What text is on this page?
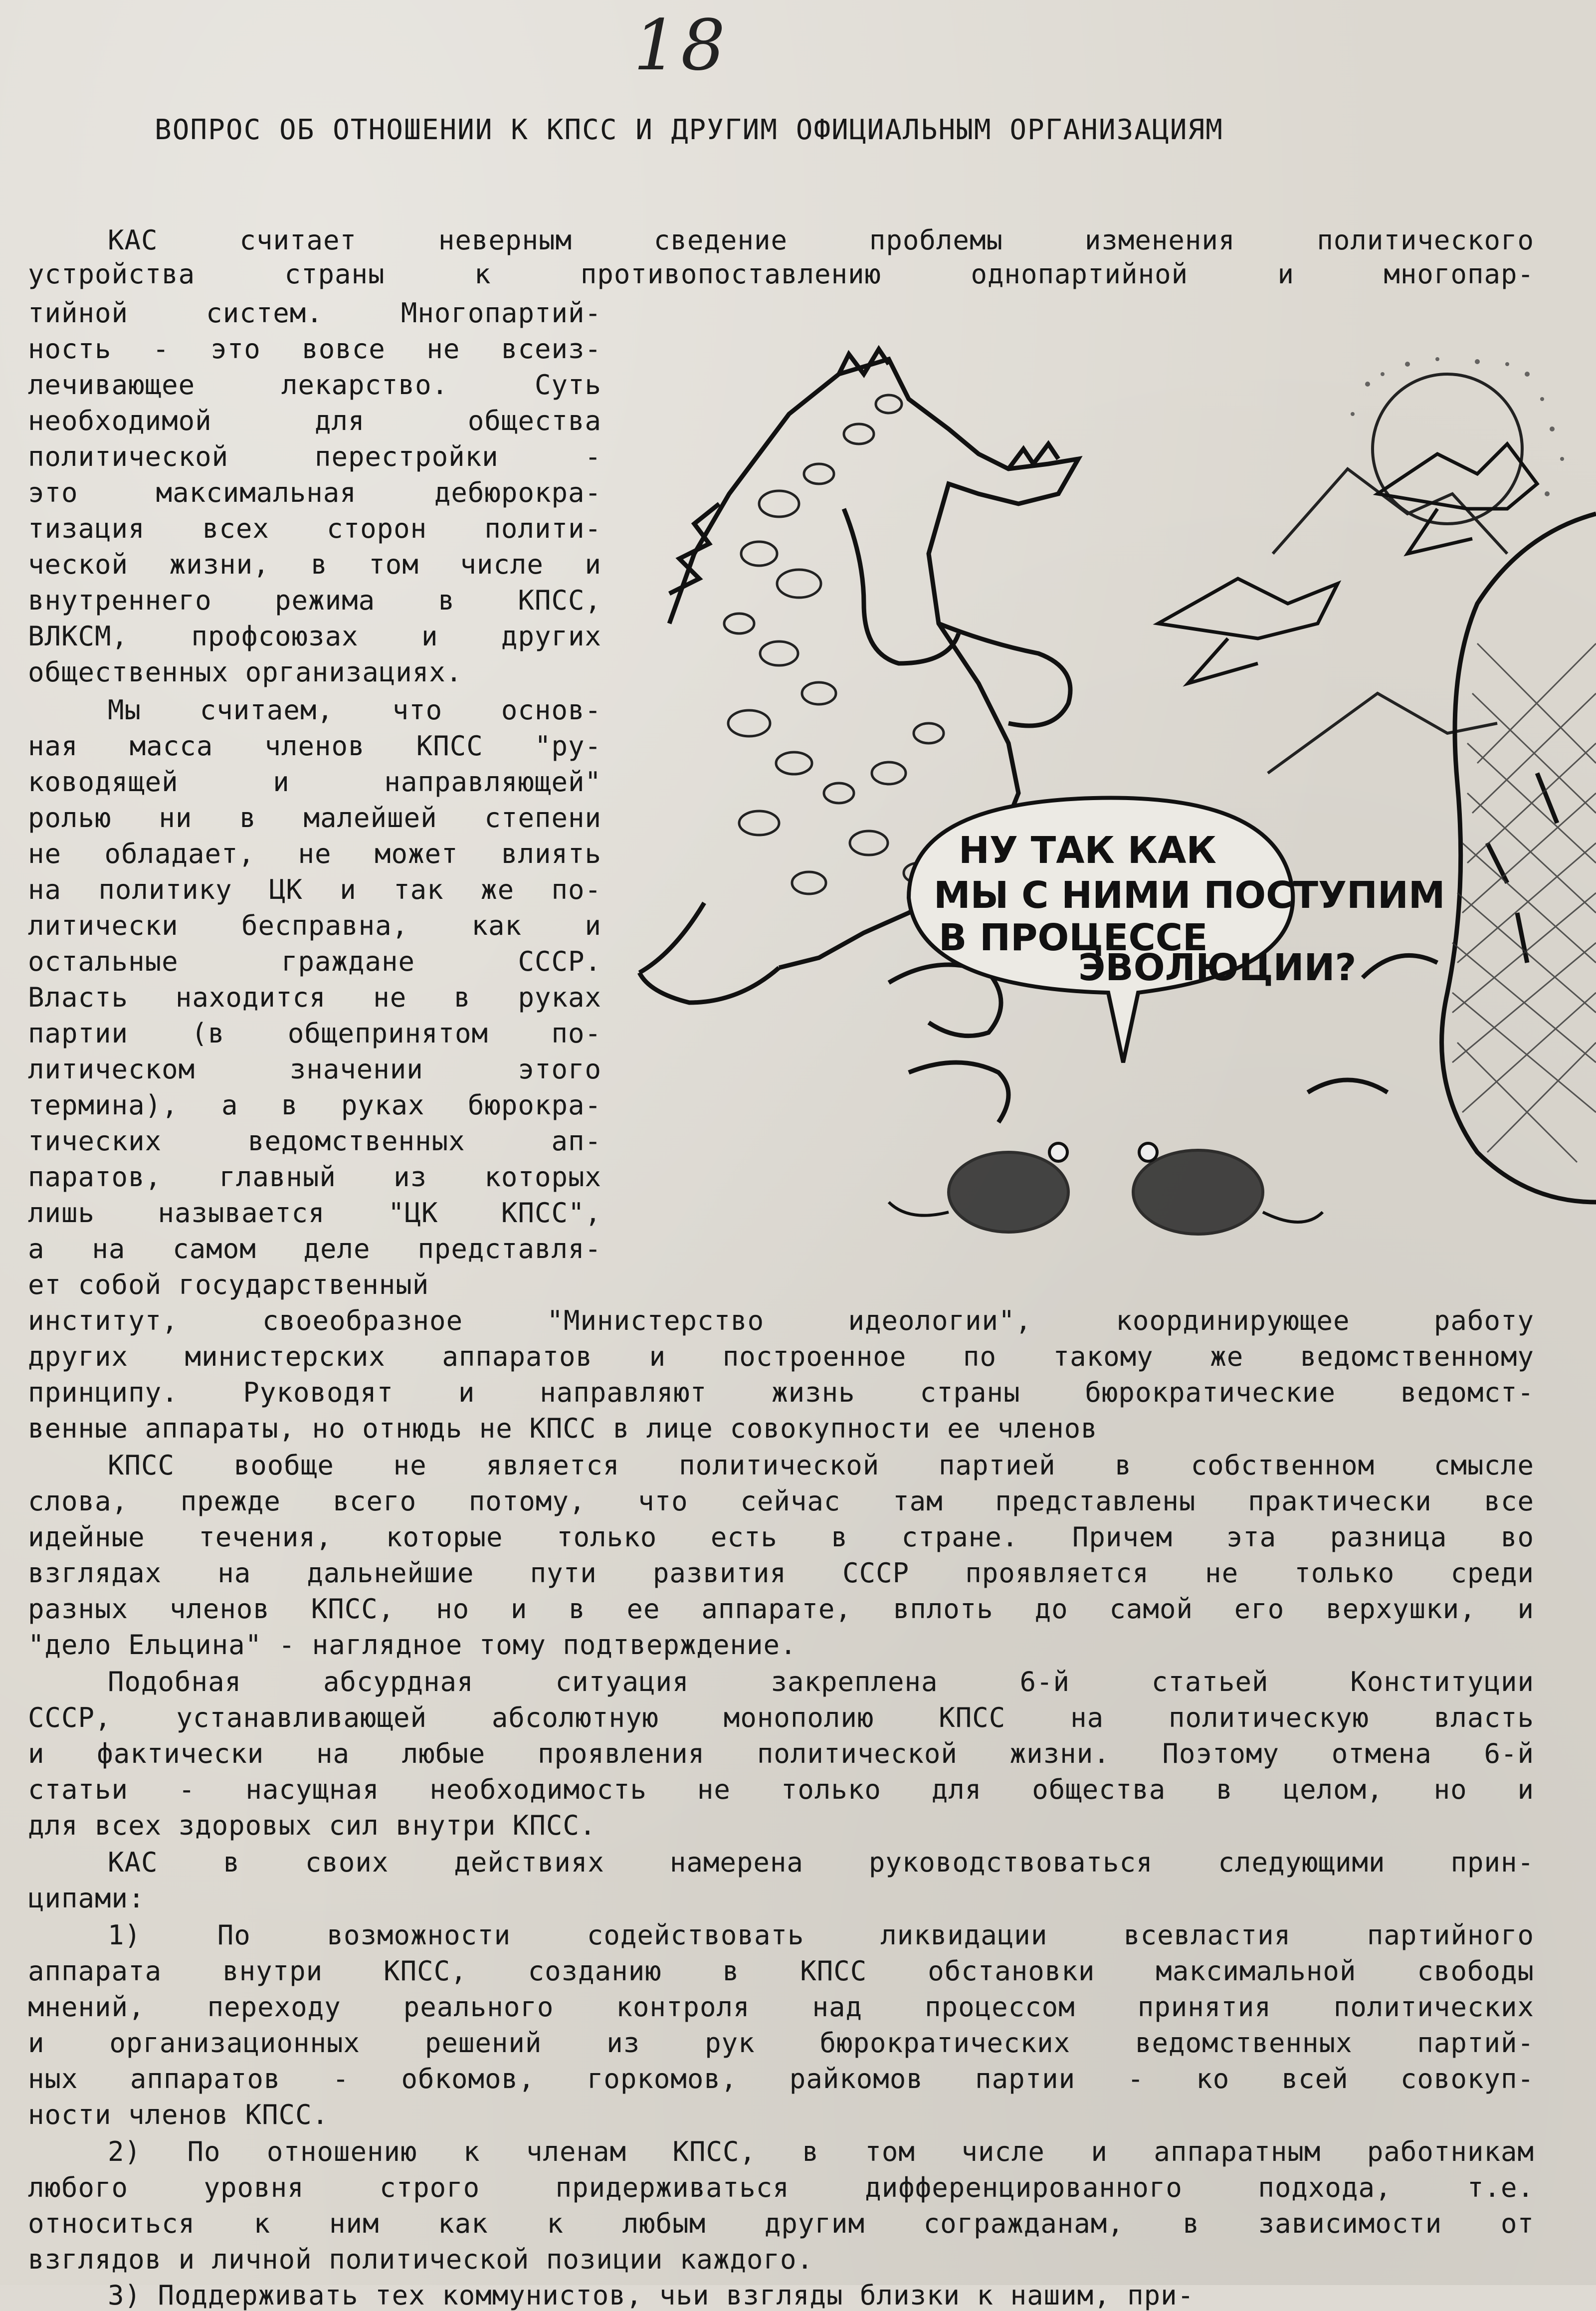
18
ВОПРОС ОБ ОТНОШЕНИИ К КПСС И ДРУГИМ ОФИЦИАЛЬНЫМ ОРГАНИЗАЦИЯМ
КАС считает неверным сведение проблемы изменения политического
устройства страны к противопоставлению однопартийной и многопар-
тийной систем. Многопартий-
ность - это вовсе не всеиз-
лечивающее лекарство. Суть
необходимой для общества
политической перестройки -
это максимальная дебюрокра-
тизация всех сторон полити-
ческой жизни, в том числе и
внутреннего режима в КПСС,
ВЛКСМ, профсоюзах и других
общественных организациях.
Мы считаем, что основ-
ная масса членов КПСС "ру-
ководящей и направляющей"
ролью ни в малейшей степени
не обладает, не может влиять
на политику ЦК и так же по-
литически бесправна, как и
остальные граждане СССР.
Власть находится не в руках
партии (в общепринятом по-
литическом значении этого
термина), а в руках бюрокра-
тических ведомственных ап-
паратов, главный из которых
лишь называется "ЦК КПСС",
а на самом деле представля-
ет собой государственный
институт, своеобразное "Министерство идеологии", координирующее работу
других министерских аппаратов и построенное по такому же ведомственному
принципу. Руководят и направляют жизнь страны бюрократические ведомст-
венные аппараты, но отнюдь не КПСС в лице совокупности ее членов
КПСС вообще не является политической партией в собственном смысле
слова, прежде всего потому, что сейчас там представлены практически все
идейные течения, которые только есть в стране. Причем эта разница во
взглядах на дальнейшие пути развития СССР проявляется не только среди
разных членов КПСС, но и в ее аппарате, вплоть до самой его верхушки, и
"дело Ельцина" - наглядное тому подтверждение.
Подобная абсурдная ситуация закреплена 6-й статьей Конституции
СССР, устанавливающей абсолютную монополию КПСС на политическую власть
и фактически на любые проявления политической жизни. Поэтому отмена 6-й
статьи - насущная необходимость не только для общества в целом, но и
для всех здоровых сил внутри КПСС.
КАС в своих действиях намерена руководствоваться следующими прин-
ципами:
1) По возможности содействовать ликвидации всевластия партийного
аппарата внутри КПСС, созданию в КПСС обстановки максимальной свободы
мнений, переходу реального контроля над процессом принятия политических
и организационных решений из рук бюрократических ведомственных партий-
ных аппаратов - обкомов, горкомов, райкомов партии - ко всей совокуп-
ности членов КПСС.
2) По отношению к членам КПСС, в том числе и аппаратным работникам
любого уровня строго придерживаться дифференцированного подхода, т.е.
относиться к ним как к любым другим согражданам, в зависимости от
взглядов и личной политической позиции каждого.
3) Поддерживать тех коммунистов, чьи взгляды близки к нашим, при-
НУ ТАК КАК
МЫ С НИМИ ПОСТУПИМ
В ПРОЦЕССЕ
ЭВОЛЮЦИИ?
